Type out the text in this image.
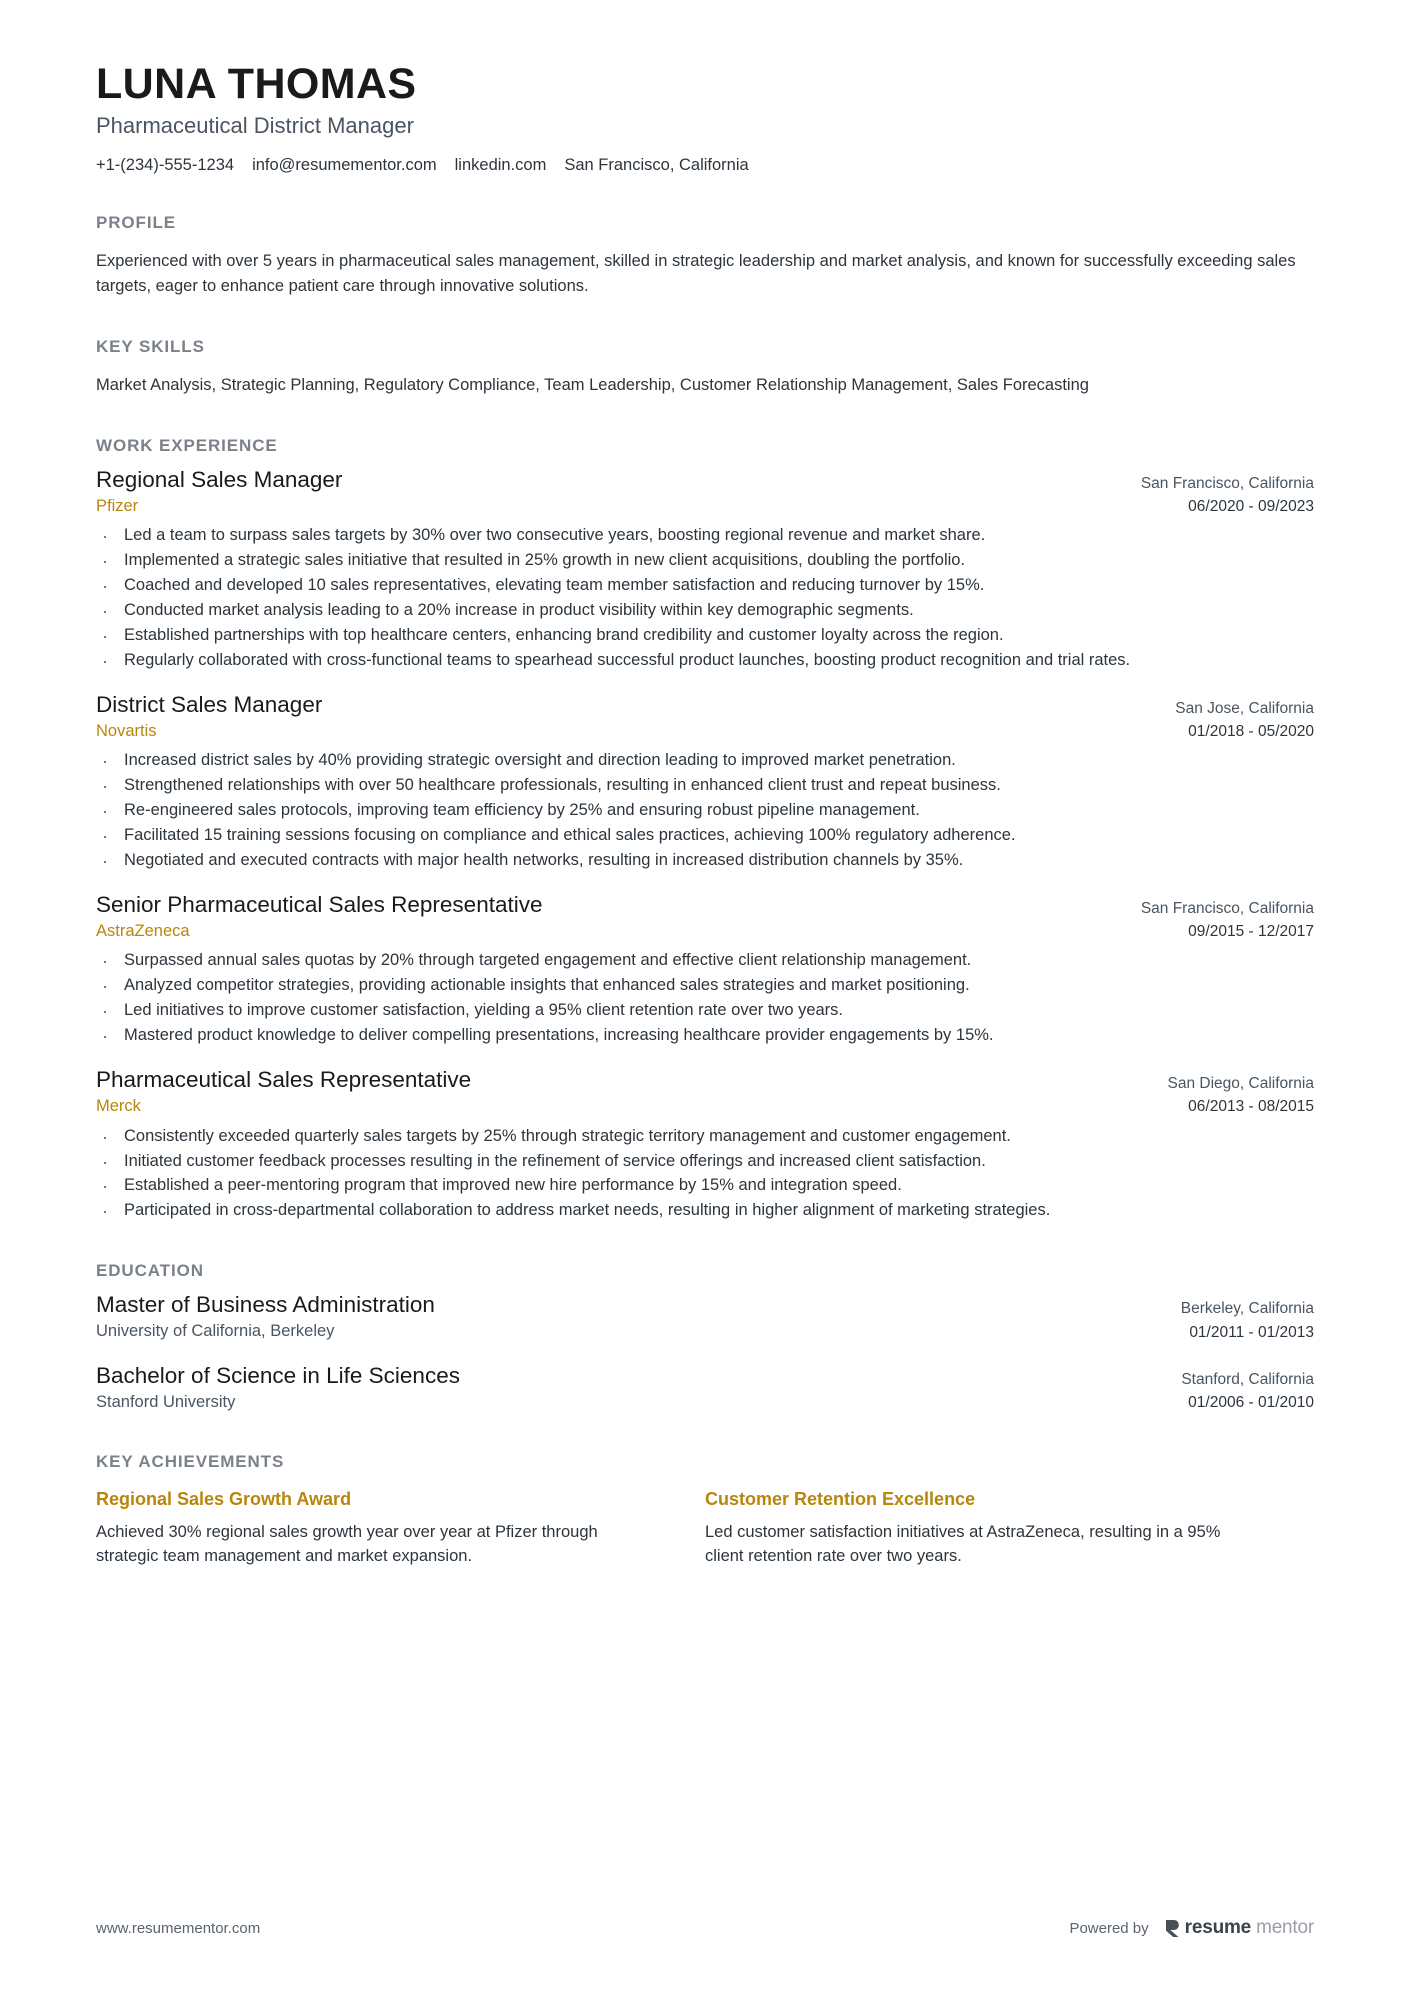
LUNA THOMAS
Pharmaceutical District Manager
+1-(234)-555-1234 info@resumementor.com linkedin.com San Francisco, California
PROFILE

Experienced with over 5 years in pharmaceutical sales management, skilled in strategic leadership and market analysis, and known for successfully exceeding sales targets, eager to enhance patient care through innovative solutions.

KEY SKILLS

Market Analysis, Strategic Planning, Regulatory Compliance, Team Leadership, Customer Relationship Management, Sales Forecasting

WORK EXPERIENCE
Regional Sales Manager
Pfizer
San Francisco, California
06/2020 - 09/2023
· Led a team to surpass sales targets by 30% over two consecutive years, boosting regional revenue and market share.
· Implemented a strategic sales initiative that resulted in 25% growth in new client acquisitions, doubling the portfolio.
· Coached and developed 10 sales representatives, elevating team member satisfaction and reducing turnover by 15%.
· Conducted market analysis leading to a 20% increase in product visibility within key demographic segments.
· Established partnerships with top healthcare centers, enhancing brand credibility and customer loyalty across the region.
· Regularly collaborated with cross-functional teams to spearhead successful product launches, boosting product recognition and trial rates.
District Sales Manager
Novartis
San Jose, California
01/2018 - 05/2020
· Increased district sales by 40% providing strategic oversight and direction leading to improved market penetration.
· Strengthened relationships with over 50 healthcare professionals, resulting in enhanced client trust and repeat business.
· Re-engineered sales protocols, improving team efficiency by 25% and ensuring robust pipeline management.
· Facilitated 15 training sessions focusing on compliance and ethical sales practices, achieving 100% regulatory adherence.
· Negotiated and executed contracts with major health networks, resulting in increased distribution channels by 35%.
Senior Pharmaceutical Sales Representative
AstraZeneca
San Francisco, California
09/2015 - 12/2017
· Surpassed annual sales quotas by 20% through targeted engagement and effective client relationship management.
· Analyzed competitor strategies, providing actionable insights that enhanced sales strategies and market positioning.
· Led initiatives to improve customer satisfaction, yielding a 95% client retention rate over two years.
· Mastered product knowledge to deliver compelling presentations, increasing healthcare provider engagements by 15%.
Pharmaceutical Sales Representative
Merck
San Diego, California
06/2013 - 08/2015
· Consistently exceeded quarterly sales targets by 25% through strategic territory management and customer engagement.
· Initiated customer feedback processes resulting in the refinement of service offerings and increased client satisfaction.
· Established a peer-mentoring program that improved new hire performance by 15% and integration speed.
· Participated in cross-departmental collaboration to address market needs, resulting in higher alignment of marketing strategies.
EDUCATION
Master of Business Administration
University of California, Berkeley
Berkeley, California
01/2011 - 01/2013
Bachelor of Science in Life Sciences
Stanford University
Stanford, California
01/2006 - 01/2010
KEY ACHIEVEMENTS
Regional Sales Growth Award

Achieved 30% regional sales growth year over year at Pfizer through strategic team management and market expansion.

Customer Retention Excellence

Led customer satisfaction initiatives at AstraZeneca, resulting in a 95% client retention rate over two years.

www.resumementor.com	Powered by resume mentor
